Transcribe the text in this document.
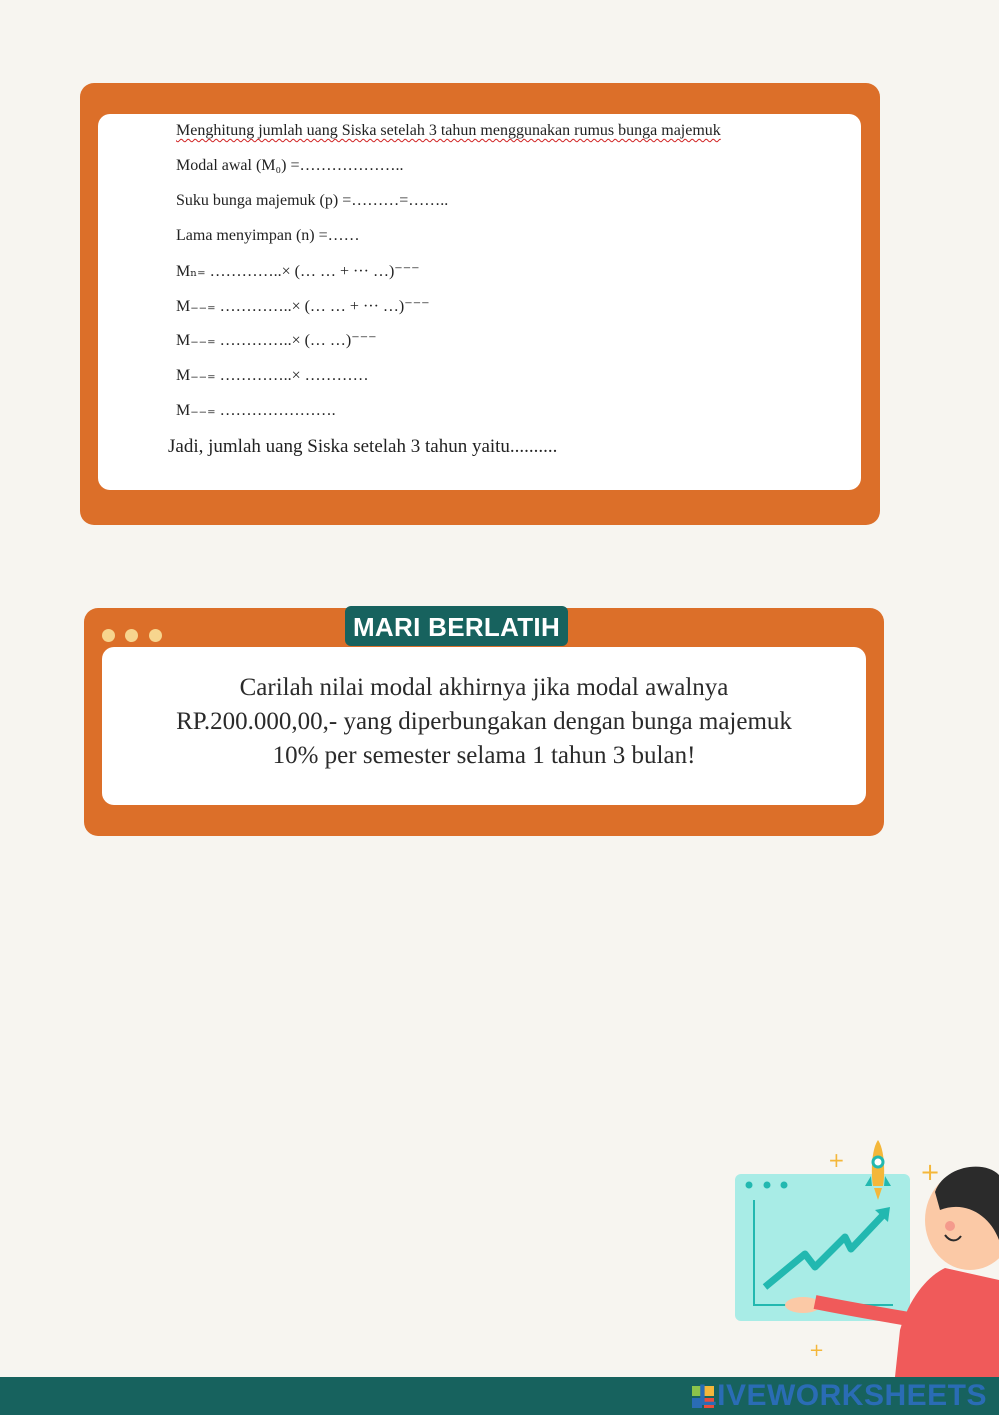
Menghitung jumlah uang Siska setelah 3 tahun menggunakan rumus bunga majemuk
Modal awal (M₀) =………………..
Suku bunga majemuk (p) =………=……..
Lama menyimpan (n) =……
Mₙ₌ …………..× (… … + ··· …)⁻⁻⁻
M₋₋₌ …………..× (… … + ··· …)⁻⁻⁻
M₋₋₌ …………..× (… …)⁻⁻⁻
M₋₋₌ …………..× …………
M₋₋₌ ………………….
Jadi, jumlah uang Siska setelah 3 tahun yaitu..........
Carilah nilai modal akhirnya jika modal awalnya
RP.200.000,00,- yang diperbungakan dengan bunga majemuk
10% per semester selama 1 tahun 3 bulan!
MARI BERLATIH
+	+
+
LIVEWORKSHEETS
